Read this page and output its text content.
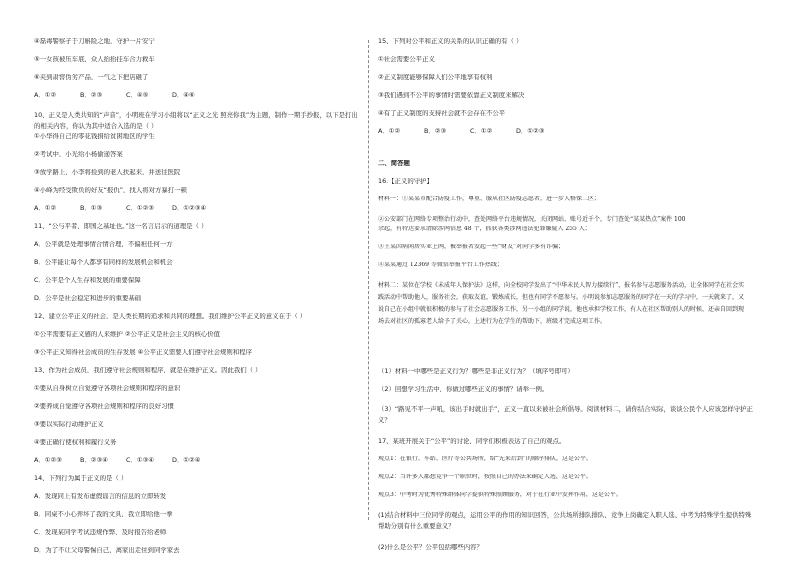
④磊毒警察孑于刀斛险之地，守护一片安宁
⑤一女孩被压车底，众人抬抬挂车合力救车
⑥夹到肃窖伪劣产品，一气之下把店砸了
A．①②	B．②③	C．④⑤	D．④⑥
10、正义是人类共知的“声音”，小明班在学习小组将以“正义之光 照亮你我”为主题，制作一期手抄报，以下是打出的相关内容，你认为其中适合入选的是（ ）
①小华得自己的零花钱捐给贫困地区的学生
②考试中，小光给小杨偷递答案
③放学路上，小李将捡到的老人扶起来，并送往医院
④小峰为经受欺负的好友“报仇”，找人将对方暴打一顿
A．①②	B．①③	C．①②③	D．①②③④
11、“公与平者，即国之基址也。”这一名言启示的道理是（ ）
A．公平就是处理事情合情合理，不偏袒任何一方
B．公平能让每个人都享有同样的发展机会和机会
C．公平是个人生存和发展的重要保障
D．公平是社会稳定和进步的重要基础
12、建立公平正义的社会，是人类长期的追求和共同的理想。我们维护公平正义的意义在于（ ）
①公平需要有正义感的人来维护 ②公平正义是社会主义的核心价值
③公平正义知得社会成员的生存发展 ④公平正义需要人们遵守社会规则和程序
13、作为社会成员，我们遵守社会规则和程序，就是在维护正义。因此我们（ ）
①要从自身树立自觉遵守各项社会规则和程序的意识
②要养成自觉遵守各项社会规则和程序的良好习惯
③要以实际行动维护正义
④要正确行使权利和履行义务
A．①②③	B．②③④	C．①③④	D．①②④
14、下列行为属于正义的是（ ）
A．发现同上有发布虚假谣言的信息的立即转发
B．同桌不小心弄坏了我的文具，我立即给他一拳
C．发现某同学考试违规作弊，及时报告给老师
D．为了不让父母警惕自己，离家出走住到同学家去
15、下列对公平和正义的关系的认识正确的有（ ）
①社会需要公平正义
②正义制度能够保障人们公平地享有权利
③我们遇到不公平的事情时需要依靠正义制度来解决
④有了正义制度的支持社会就不会存在不公平
A．①②	B．②③	C．①②	D．①②③
二、简答题
16.【正义的守护】
材料一：①某某市配合防疫工作，尊重、服从社区防疫志愿者，进一步人格保二区；
②公安部门在网络专项整治行动中，查处网络平台违规情况，关闭网站、账号近千个，专门查处“某某热点”案件 100
余起，有特达要求清除涉网信息 48 个，抓获各类涉网违法犯罪嫌疑人 255 人；
③王某因病闲居实业上网，被举报者发起一些“财友”对同学多有诈骗；
④某某通过 12369 等微信举报平台工作热线；
材料二：某位在学校《未成年人保护法》这样，向全校同学发出了“中华未民人智力接续行”，报名参与志愿服务活动，让全体同学在社会实践活动中帮助他人，服务社会，获取友谊，锻炼成长，但也有同学不愿参与。小明说参加志愿服务的同学在一天的学习中，一天就来了，又说自己在小组中就很积极的参与了社会志愿服务工作，另一小组的同学说，他也承担学校工作，有人在社区帮助别人的时候，还亲自回到现场去对社区的孤寡老人给予了关心，上述行为在学生的帮助下，班级才完成这项工作。
（1）材料一中哪些是正义行为？哪些是非正义行为？（填序号即可）
（2）回想学习生活中，你做过哪些正义的事情？请举一例。
（3）“路见不平一声吼，该出手时就出手”，正义一直以来被社会所倡导。阅读材料二，请你结合实际，谈谈公民个人应该怎样守护正义？
17、某班开展关于“公平”的讨论，同学们积极表达了自己的观点。
观点1：在银行、车站、医疗等公共场所，给“先来后到”的顺序排队，这是公平。
观点2：当许多人都想竞争一个职位时，按照自己的办法来确定人选，这是公平。
观点3：中考时为优秀特殊群体同学提供特殊照顾服务，对于在行业中发挥作用，这是公平。
(1)结合材料中三位同学的观点，运用公平的作用的知识回答，公共场所排队排队、竞争上岗确定入职人选、中考为特殊学生提供特殊帮助分别有什么重要意义？
(2)什么是公平？公平包括哪些内容？
